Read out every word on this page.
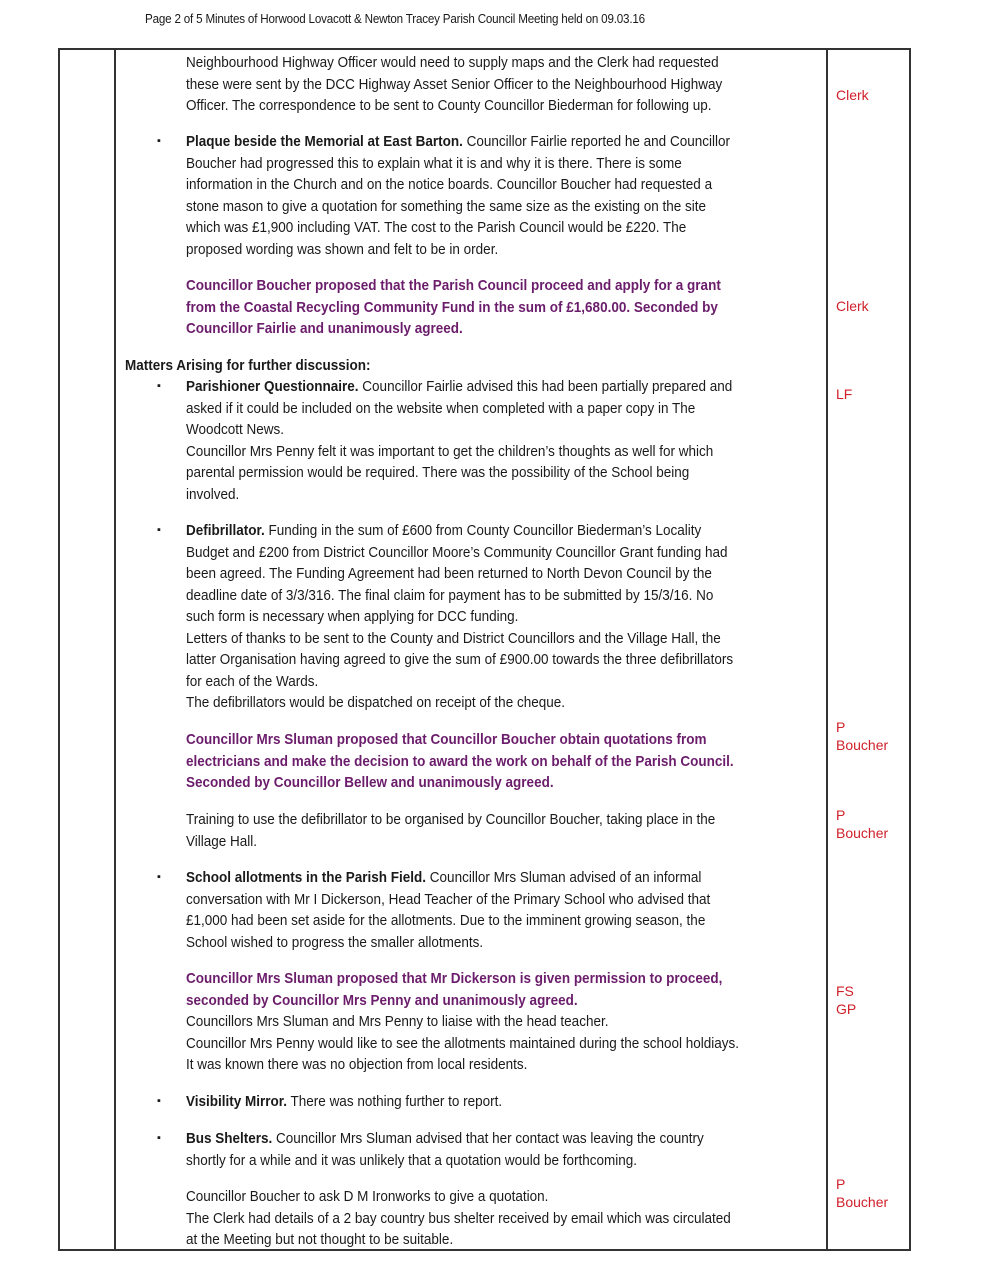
Page 2 of 5 Minutes of Horwood Lovacott & Newton Tracey Parish Council Meeting held on 09.03.16
Neighbourhood Highway Officer would need to supply maps and the Clerk had requested
these were sent by the DCC Highway Asset Senior Officer to the Neighbourhood Highway
Officer. The correspondence to be sent to County Councillor Biederman for following up.
▪ Plaque beside the Memorial at East Barton. Councillor Fairlie reported he and Councillor
Boucher had progressed this to explain what it is and why it is there. There is some
information in the Church and on the notice boards. Councillor Boucher had requested a
stone mason to give a quotation for something the same size as the existing on the site
which was £1,900 including VAT. The cost to the Parish Council would be £220. The
proposed wording was shown and felt to be in order.
Councillor Boucher proposed that the Parish Council proceed and apply for a grant
from the Coastal Recycling Community Fund in the sum of £1,680.00. Seconded by
Councillor Fairlie and unanimously agreed.
Matters Arising for further discussion:
▪ Parishioner Questionnaire. Councillor Fairlie advised this had been partially prepared and
asked if it could be included on the website when completed with a paper copy in The
Woodcott News.
Councillor Mrs Penny felt it was important to get the children’s thoughts as well for which
parental permission would be required. There was the possibility of the School being
involved.
▪ Defibrillator. Funding in the sum of £600 from County Councillor Biederman’s Locality
Budget and £200 from District Councillor Moore’s Community Councillor Grant funding had
been agreed. The Funding Agreement had been returned to North Devon Council by the
deadline date of 3/3/316. The final claim for payment has to be submitted by 15/3/16. No
such form is necessary when applying for DCC funding.
Letters of thanks to be sent to the County and District Councillors and the Village Hall, the
latter Organisation having agreed to give the sum of £900.00 towards the three defibrillators
for each of the Wards.
The defibrillators would be dispatched on receipt of the cheque.
Councillor Mrs Sluman proposed that Councillor Boucher obtain quotations from
electricians and make the decision to award the work on behalf of the Parish Council.
Seconded by Councillor Bellew and unanimously agreed.
Training to use the defibrillator to be organised by Councillor Boucher, taking place in the
Village Hall.
▪ School allotments in the Parish Field. Councillor Mrs Sluman advised of an informal
conversation with Mr I Dickerson, Head Teacher of the Primary School who advised that
£1,000 had been set aside for the allotments. Due to the imminent growing season, the
School wished to progress the smaller allotments.
Councillor Mrs Sluman proposed that Mr Dickerson is given permission to proceed,
seconded by Councillor Mrs Penny and unanimously agreed.
Councillors Mrs Sluman and Mrs Penny to liaise with the head teacher.
Councillor Mrs Penny would like to see the allotments maintained during the school holdiays.
It was known there was no objection from local residents.
▪ Visibility Mirror. There was nothing further to report.
▪ Bus Shelters. Councillor Mrs Sluman advised that her contact was leaving the country
shortly for a while and it was unlikely that a quotation would be forthcoming.
Councillor Boucher to ask D M Ironworks to give a quotation.
The Clerk had details of a 2 bay country bus shelter received by email which was circulated
at the Meeting but not thought to be suitable.
Clerk
Clerk
LF
P
Boucher
P
Boucher
FS
GP
P
Boucher
